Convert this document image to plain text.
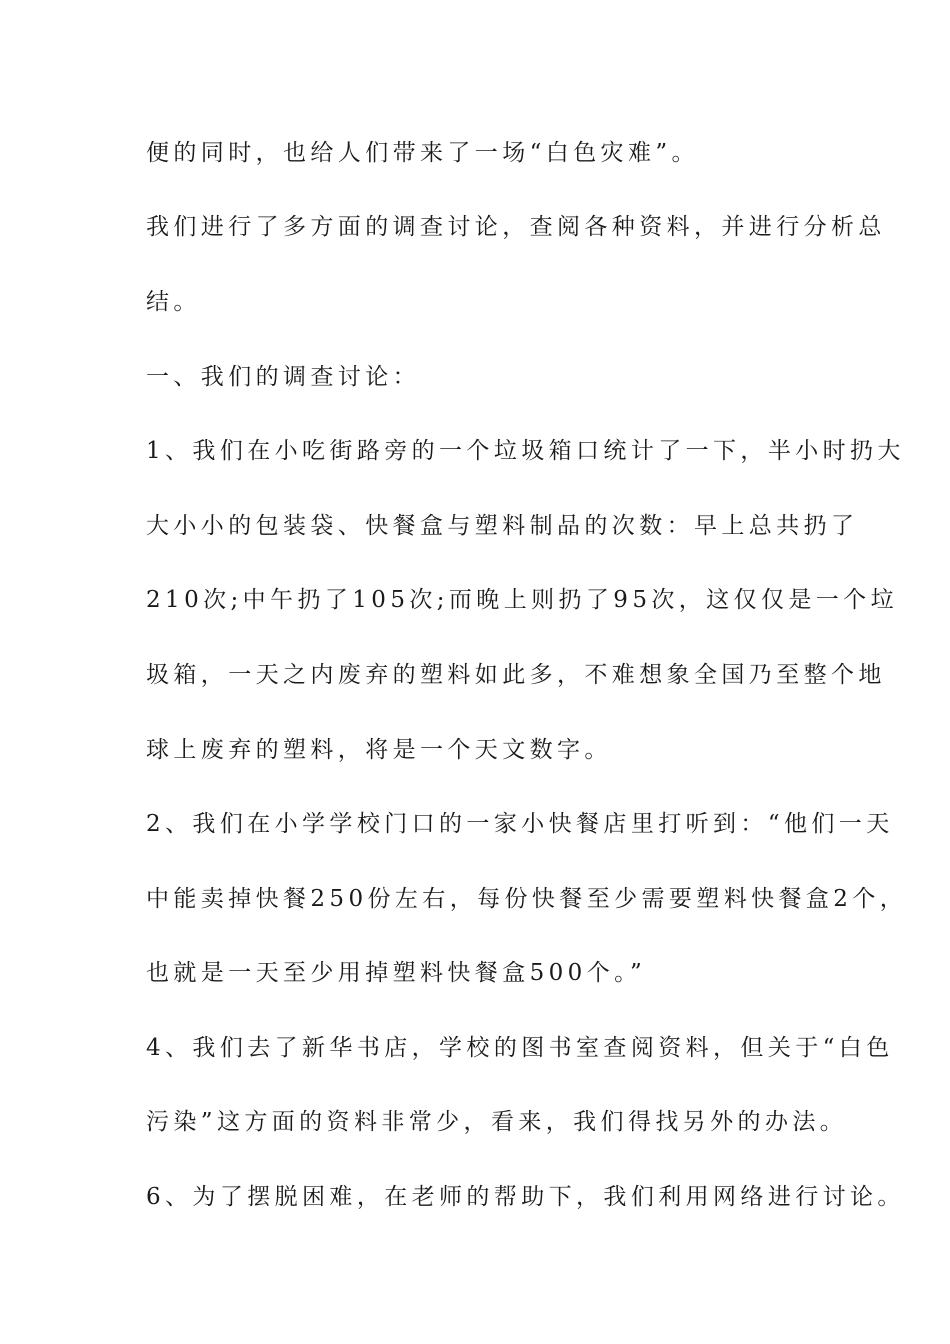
便的同时，也给人们带来了一场“白色灾难”。

我们进行了多方面的调查讨论，查阅各种资料，并进行分析总

结。

一、我们的调查讨论：

1、我们在小吃街路旁的一个垃圾箱口统计了一下，半小时扔大

大小小的包装袋、快餐盒与塑料制品的次数：早上总共扔了

210次;中午扔了105次;而晚上则扔了95次，这仅仅是一个垃

圾箱，一天之内废弃的塑料如此多，不难想象全国乃至整个地

球上废弃的塑料，将是一个天文数字。

2、我们在小学学校门口的一家小快餐店里打听到：“他们一天

中能卖掉快餐250份左右，每份快餐至少需要塑料快餐盒2个，

也就是一天至少用掉塑料快餐盒500个。”

4、我们去了新华书店，学校的图书室查阅资料，但关于“白色

污染”这方面的资料非常少，看来，我们得找另外的办法。

6、为了摆脱困难，在老师的帮助下，我们利用网络进行讨论。
